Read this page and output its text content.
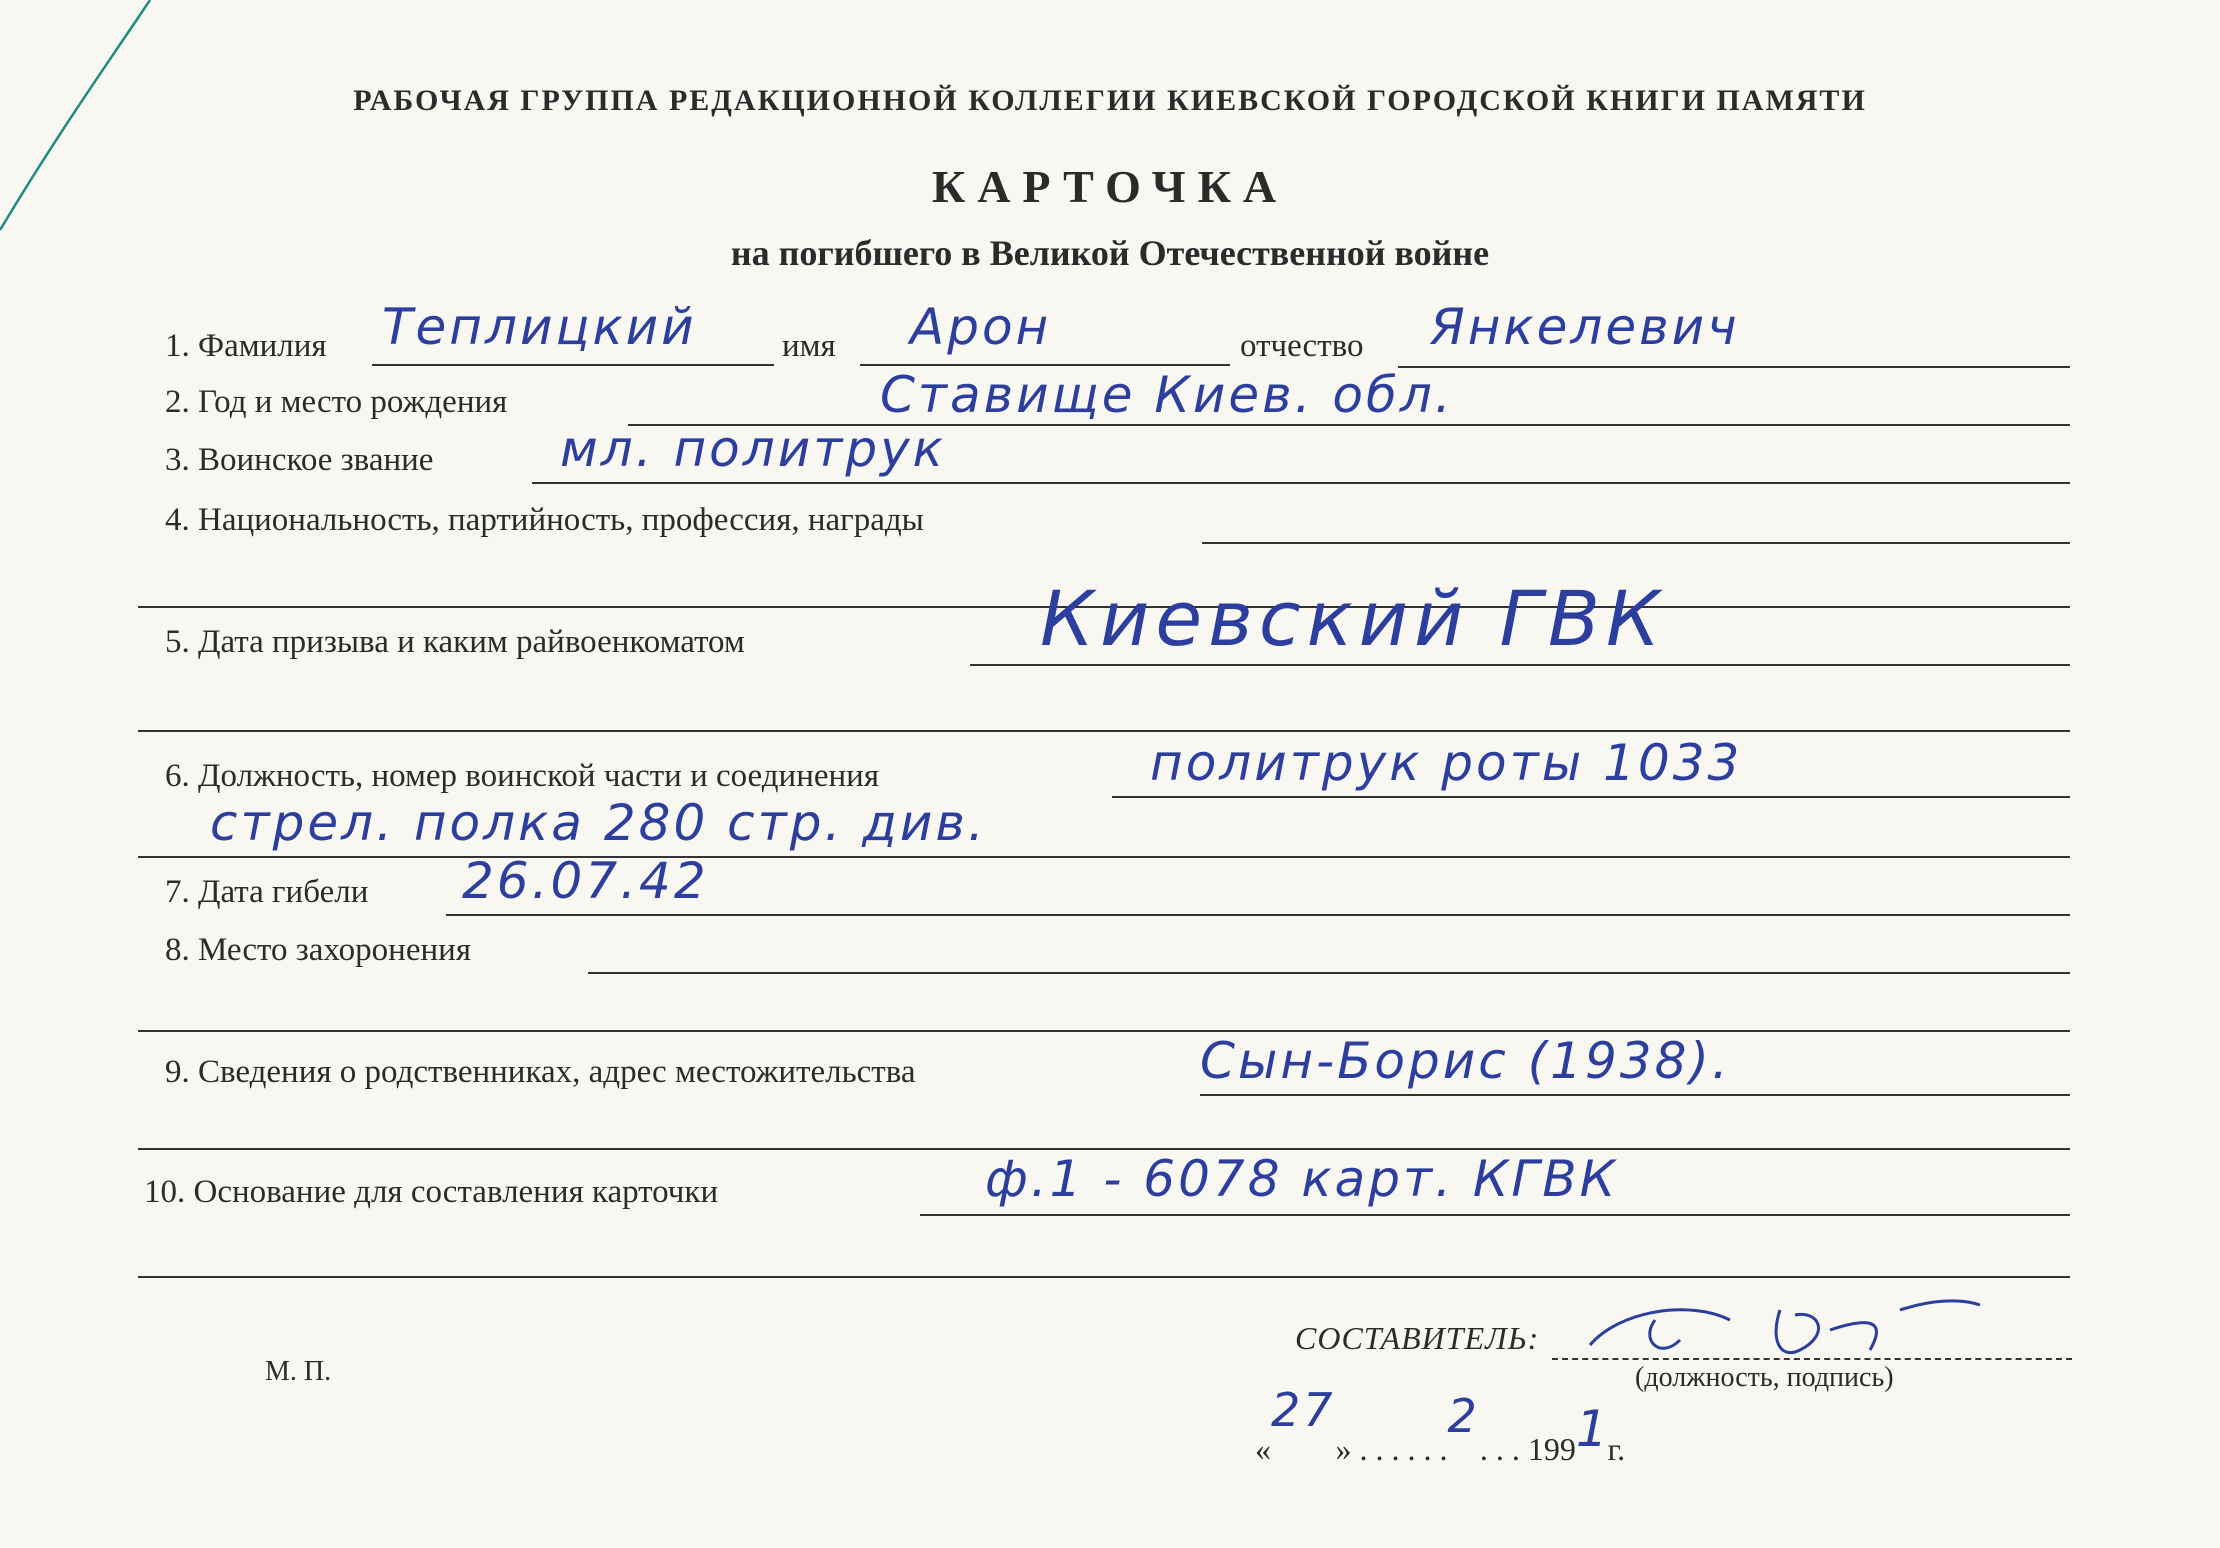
РАБОЧАЯ ГРУППА РЕДАКЦИОННОЙ КОЛЛЕГИИ КИЕВСКОЙ ГОРОДСКОЙ КНИГИ ПАМЯТИ
КАРТОЧКА
на погибшего в Великой Отечественной войне
1. Фамилия Теплицкий	имя Арон	отчество Янкелевич
2. Год и место рождения	Ставище Киев. обл.
3. Воинское звание	мл. политрук
4. Национальность, партийность, профессия, награды
5. Дата призыва и каким райвоенкоматом	Киевский ГВК
6. Должность, номер воинской части и соединения	политрук роты 1033
стрел. полка 280 стр. див.
7. Дата гибели 26.07.42
8. Место захоронения
9. Сведения о родственниках, адрес местожительства	Сын-Борис (1938).
10. Основание для составления карточки	ф.1 - 6078 карт. КГВК
М. П.
СОСТАВИТЕЛЬ:
(должность, подпись)
«27» . . . . . .2. . . 1991г.
